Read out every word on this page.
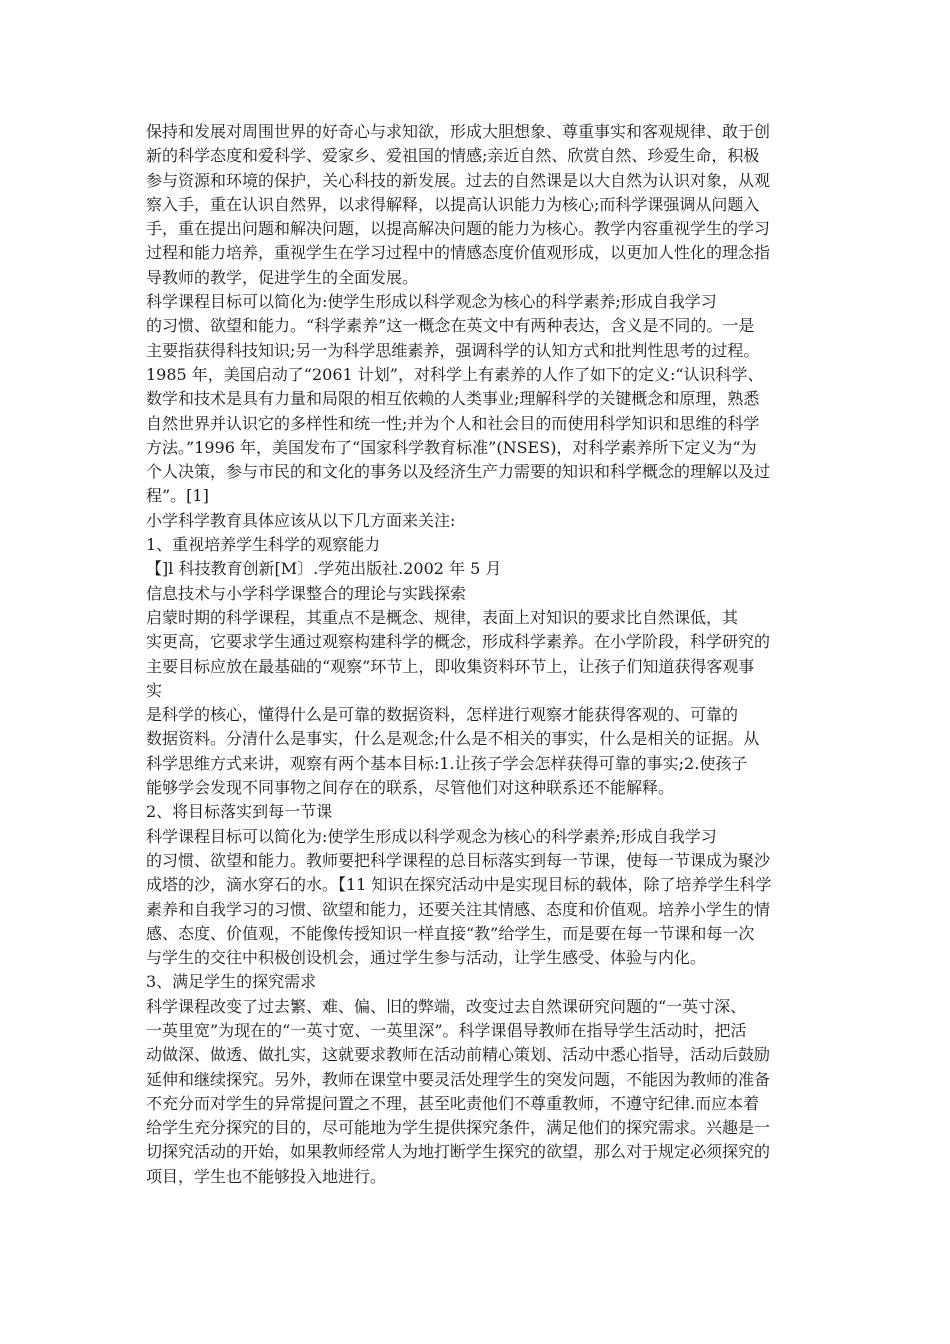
保持和发展对周围世界的好奇心与求知欲，形成大胆想象、尊重事实和客观规律、敢于创
新的科学态度和爱科学、爱家乡、爱祖国的情感;亲近自然、欣赏自然、珍爱生命，积极
参与资源和环境的保护，关心科技的新发展。过去的自然课是以大自然为认识对象，从观
察入手，重在认识自然界，以求得解释，以提高认识能力为核心;而科学课强调从问题入
手，重在提出问题和解决问题，以提高解决问题的能力为核心。教学内容重视学生的学习
过程和能力培养，重视学生在学习过程中的情感态度价值观形成，以更加人性化的理念指
导教师的教学，促进学生的全面发展。
科学课程目标可以简化为:使学生形成以科学观念为核心的科学素养;形成自我学习
的习惯、欲望和能力。“科学素养”这一概念在英文中有两种表达，含义是不同的。一是
主要指获得科技知识;另一为科学思维素养，强调科学的认知方式和批判性思考的过程。
1985 年，美国启动了“2061 计划”，对科学上有素养的人作了如下的定义:“认识科学、
数学和技术是具有力量和局限的相互依赖的人类事业;理解科学的关键概念和原理，熟悉
自然世界并认识它的多样性和统一性;并为个人和社会目的而使用科学知识和思维的科学
方法。”1996 年，美国发布了“国家科学教育标准”(NSES)，对科学素养所下定义为“为
个人决策，参与市民的和文化的事务以及经济生产力需要的知识和科学概念的理解以及过
程”。[1]
小学科学教育具体应该从以下几方面来关注:
1、重视培养学生科学的观察能力
【]l 科技教育创新[M〕.学苑出版社.2002 年 5 月
信息技术与小学科学课整合的理论与实践探索
启蒙时期的科学课程，其重点不是概念、规律，表面上对知识的要求比自然课低，其
实更高，它要求学生通过观察构建科学的概念，形成科学素养。在小学阶段，科学研究的
主要目标应放在最基础的“观察”环节上，即收集资料环节上，让孩子们知道获得客观事
实
是科学的核心，懂得什么是可靠的数据资料，怎样进行观察才能获得客观的、可靠的
数据资料。分清什么是事实，什么是观念;什么是不相关的事实，什么是相关的证据。从
科学思维方式来讲，观察有两个基本目标:1.让孩子学会怎样获得可靠的事实;2.使孩子
能够学会发现不同事物之间存在的联系，尽管他们对这种联系还不能解释。
2、将目标落实到每一节课
科学课程目标可以简化为:使学生形成以科学观念为核心的科学素养;形成自我学习
的习惯、欲望和能力。教师要把科学课程的总目标落实到每一节课，使每一节课成为聚沙
成塔的沙，滴水穿石的水。【11 知识在探究活动中是实现目标的载体，除了培养学生科学
素养和自我学习的习惯、欲望和能力，还要关注其情感、态度和价值观。培养小学生的情
感、态度、价值观，不能像传授知识一样直接“教”给学生，而是要在每一节课和每一次
与学生的交往中积极创设机会，通过学生参与活动，让学生感受、体验与内化。
3、满足学生的探究需求
科学课程改变了过去繁、难、偏、旧的弊端，改变过去自然课研究问题的“一英寸深、
一英里宽”为现在的“一英寸宽、一英里深”。科学课倡导教师在指导学生活动时，把活
动做深、做透、做扎实，这就要求教师在活动前精心策划、活动中悉心指导，活动后鼓励
延伸和继续探究。另外，教师在课堂中要灵活处理学生的突发问题，不能因为教师的准备
不充分而对学生的异常提问置之不理，甚至叱责他们不尊重教师，不遵守纪律.而应本着
给学生充分探究的目的，尽可能地为学生提供探究条件，满足他们的探究需求。兴趣是一
切探究活动的开始，如果教师经常人为地打断学生探究的欲望，那么对于规定必须探究的
项目，学生也不能够投入地进行。
